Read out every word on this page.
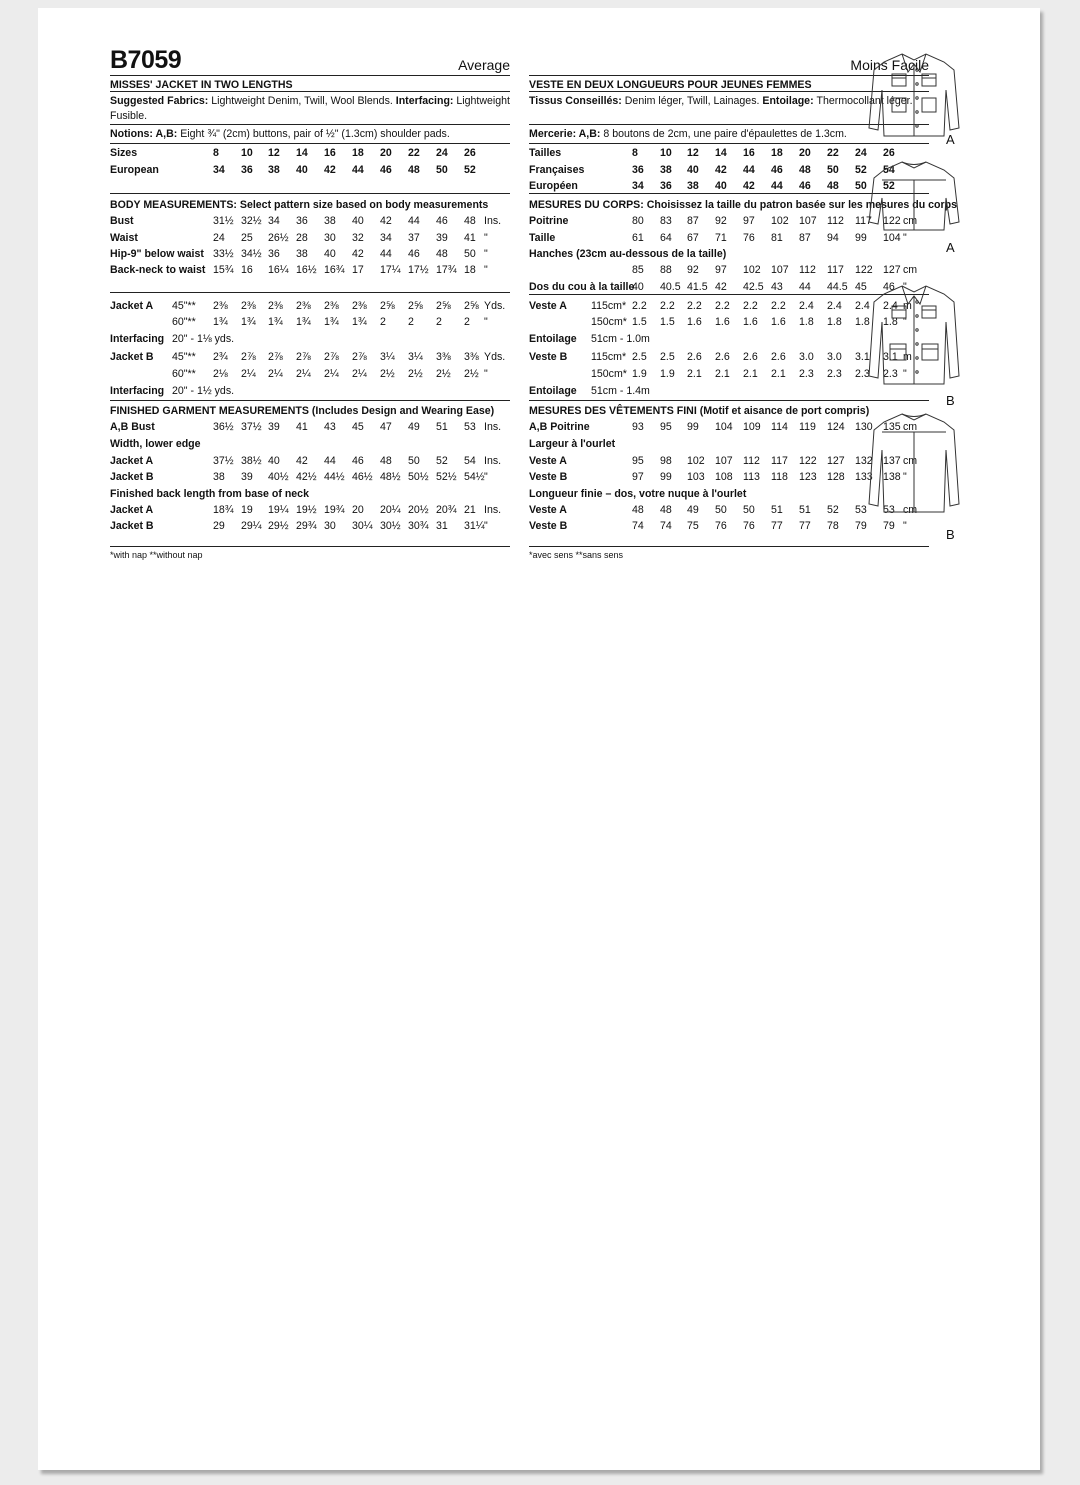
B7059	Average
MISSES' JACKET IN TWO LENGTHS
Suggested Fabrics: Lightweight Denim, Twill, Wool Blends. Interfacing: Lightweight
Fusible.
Notions: A,B: Eight ¾" (2cm) buttons, pair of ½" (1.3cm) shoulder pads.
Sizes	8 10 12 14 16 18 20 22 24 26
European	34 36 38 40 42 44 46 48 50 52
BODY MEASUREMENTS: Select pattern size based on body measurements
Bust	31½ 32½ 34 36 38 40 42 44 46 48 Ins.
Waist	24 25 26½ 28 30 32 34 37 39 41 "
Hip-9" below waist 33½ 34½ 36 38 40 42 44 46 48 50 "
Back-neck to waist 15¾ 16 16¼ 16½ 16¾ 17 17¼ 17½ 17¾ 18 "
Jacket A 45"** 2⅜ 2⅜ 2⅜ 2⅜ 2⅜ 2⅜ 2⅝ 2⅝ 2⅝ 2⅝ Yds.
60"** 1¾ 1¾ 1¾ 1¾ 1¾ 1¾ 2 2 2 2 "
Interfacing 20" - 1⅛ yds.
Jacket B 45"** 2¾ 2⅞ 2⅞ 2⅞ 2⅞ 2⅞ 3¼ 3¼ 3⅜ 3⅜ Yds.
60"** 2⅛ 2¼ 2¼ 2¼ 2¼ 2¼ 2½ 2½ 2½ 2½ "
Interfacing 20" - 1½ yds.
FINISHED GARMENT MEASUREMENTS (Includes Design and Wearing Ease)
A,B Bust	36½ 37½ 39 41 43 45 47 49 51 53 Ins.
Width, lower edge
Jacket A	37½ 38½ 40 42 44 46 48 50 52 54 Ins.
Jacket B	38 39 40½ 42½ 44½ 46½ 48½ 50½ 52½ 54½ "
Finished back length from base of neck
Jacket A	18¾ 19 19¼ 19½ 19¾ 20 20¼ 20½ 20¾ 21 Ins.
Jacket B	29 29¼ 29½ 29¾ 30 30¼ 30½ 30¾ 31 31¼ "
*with nap **without nap
Moins Facile
VESTE EN DEUX LONGUEURS POUR JEUNES FEMMES
Tissus Conseillés: Denim léger, Twill, Lainages. Entoilage: Thermocollant léger.
Mercerie: A,B: 8 boutons de 2cm, une paire d'épaulettes de 1.3cm.
Tailles	8 10 12 14 16 18 20 22 24 26
Françaises	36 38 40 42 44 46 48 50 52 54
Européen	34 36 38 40 42 44 46 48 50 52
MESURES DU CORPS: Choisissez la taille du patron basée sur les mesures du corps
Poitrine	80 83 87 92 97 102 107 112 117 122 cm
Taille	61 64 67 71 76 81 87 94 99 104 "
Hanches (23cm au-dessous de la taille)
85 88 92 97 102 107 112 117 122 127 cm
Dos du cou à la taille
40 40.5 41.5 42 42.5 43 44 44.5 45 46 "
Veste A 115cm* 2.2 2.2 2.2 2.2 2.2 2.2 2.4 2.4 2.4 2.4 m
150cm* 1.5 1.5 1.6 1.6 1.6 1.6 1.8 1.8 1.8 1.8 "
Entoilage 51cm - 1.0m
Veste B 115cm* 2.5 2.5 2.6 2.6 2.6 2.6 3.0 3.0 3.1 3.1 m
150cm* 1.9 1.9 2.1 2.1 2.1 2.1 2.3 2.3 2.3 2.3 "
Entoilage 51cm - 1.4m
MESURES DES VÊTEMENTS FINI (Motif et aisance de port compris)
A,B Poitrine	93 95 99 104 109 114 119 124 130 135 cm
Largeur à l'ourlet
Veste A	95 98 102 107 112 117 122 127 132 137 cm
Veste B	97 99 103 108 113 118 123 128 133 138 "
Longueur finie – dos, votre nuque à l'ourlet
Veste A	48 48 49 50 50 51 51 52 53 53 cm
Veste B	74 74 75 76 76 77 77 78 79 79 "
*avec sens **sans sens
A
A
B
B
